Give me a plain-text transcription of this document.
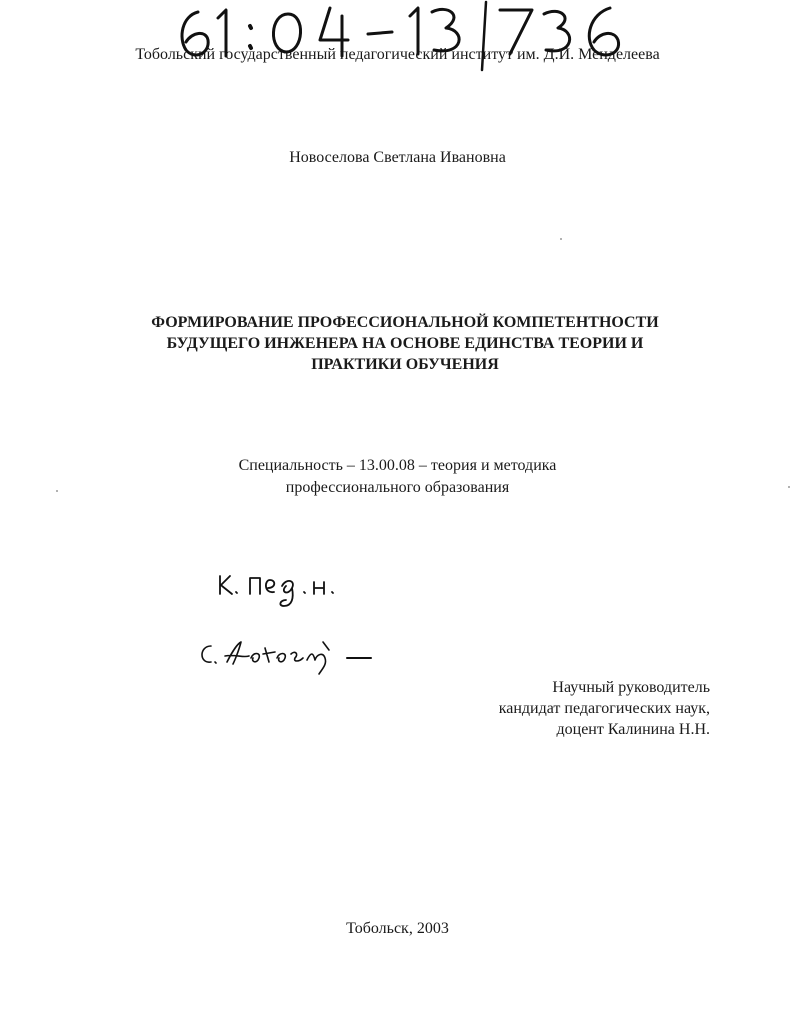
Тобольский государственный педагогический институт им. Д.И. Менделеева
Новоселова Светлана Ивановна
ФОРМИРОВАНИЕ ПРОФЕССИОНАЛЬНОЙ КОМПЕТЕНТНОСТИ
БУДУЩЕГО ИНЖЕНЕРА НА ОСНОВЕ ЕДИНСТВА ТЕОРИИ И
ПРАКТИКИ ОБУЧЕНИЯ
Специальность – 13.00.08 – теория и методика
профессионального образования
Научный руководитель
кандидат педагогических наук,
доцент Калинина Н.Н.
Тобольск, 2003
